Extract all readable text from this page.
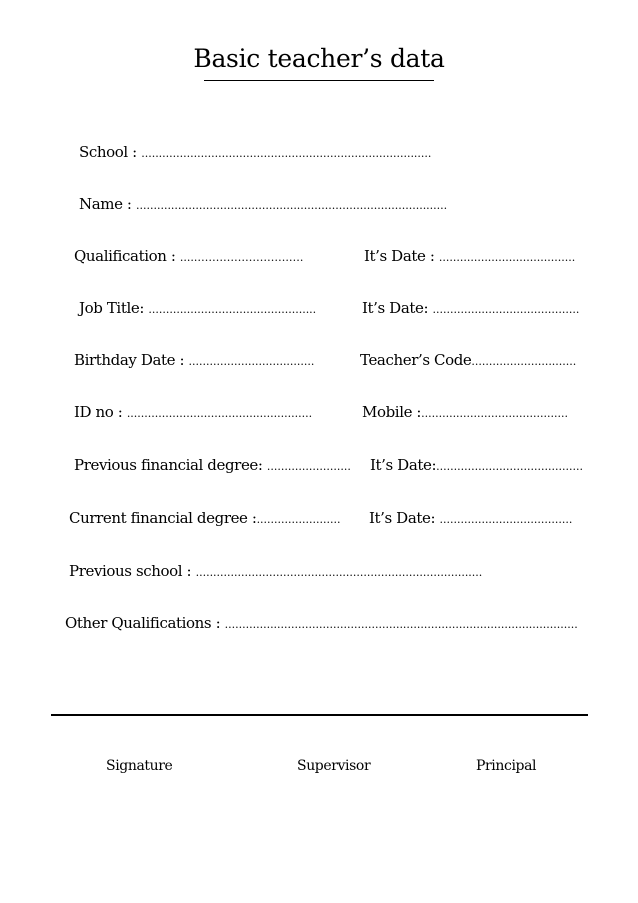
Basic teacher’s data
School : ...................................................................................
Name : .........................................................................................
Qualification : .....…………………….….	It’s Date : .......................................
Job Title: ................................................	It’s Date: ..........................................
Birthday Date : ....................................	Teacher’s Code..............................
ID no : .....................................................	Mobile :..........................................
Previous financial degree: ........................ It’s Date:..........................................
Current financial degree :........................ It’s Date: ......................................
Previous school : ..................................................................................
Other Qualifications : .....................................................................................................
Signature	Supervisor	Principal
